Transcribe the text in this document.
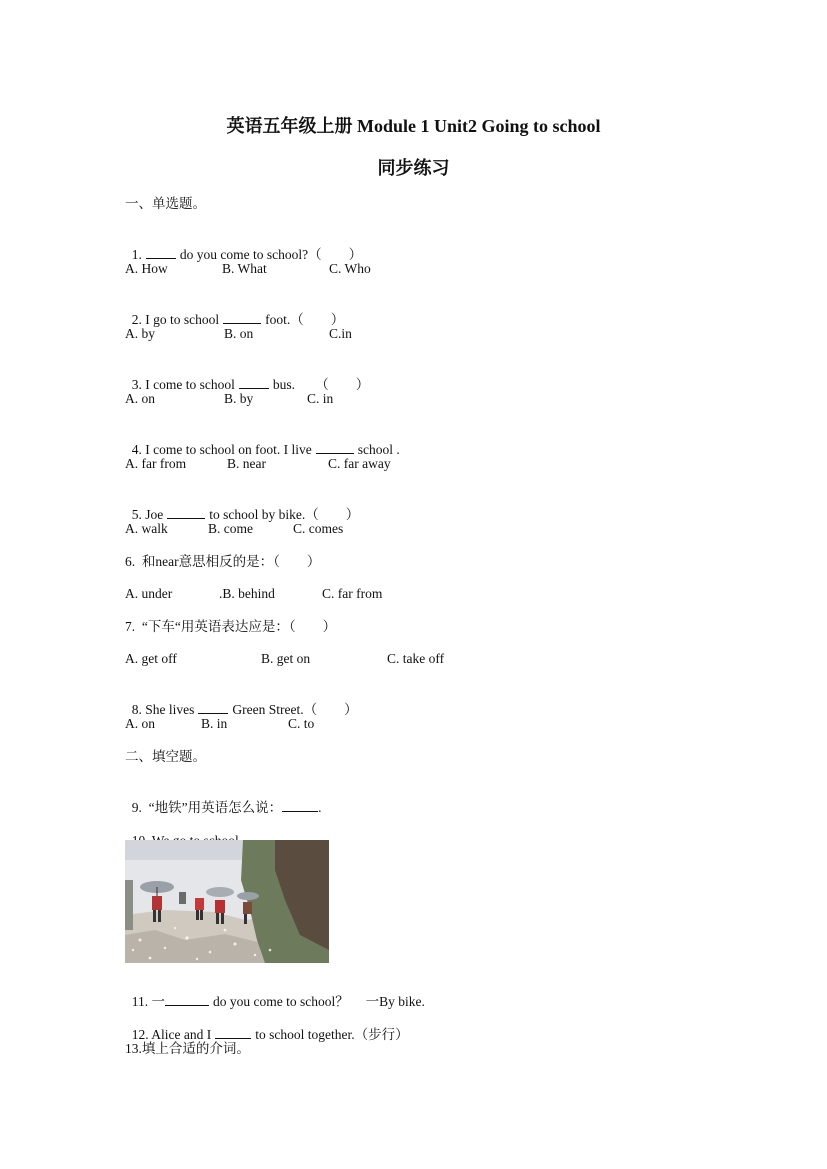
英语五年级上册 Module 1 Unit2 Going to school
同步练习
一、单选题。

1.	do you come to school?（        ）

A. How	B. What	C. Who

2. I go to school	foot.（        ）

A. by	B. on	C.in

3. I come to school	bus.      （        ）

A. on	B. by	C. in

4. I come to school on foot. I live	school .

A. far from	B. near	C. far away

5. Joe	to school by bike.（        ）

A. walk	B. come	C. comes
6.  和near意思相反的是：（        ）
A. under	.B. behind	C. far from
7.  “下车“用英语表达应是：（        ）
A. get off	B. get on	C. take off

8. She lives	Green Street.（        ）

A. on	B. in	C. to
二、填空题。

9.  “地铁”用英语怎么说：	.

11. 一	do you come to school？     一By bike.

12. Alice and I	to school together.（步行）

13.填上合适的介词。
